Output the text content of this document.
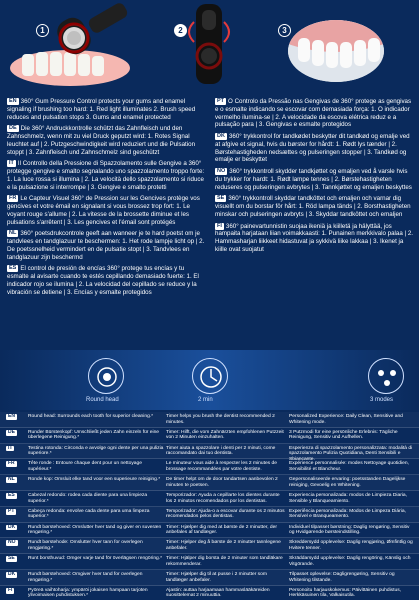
1	2	3
EN 360° Gum Pressure Control protects your gums and enamel signaling if brushing too hard: 1. Red light illuminates 2. Brush speed reduces and pulsation stops 3. Gums and enamel protected
DE Die 360° Andruckkontrolle schützt das Zahnfleisch und den Zahnschmelz, wenn mit zu viel Druck geputzt wird: 1. Rotes Signal leuchtet auf | 2. Putzgeschwindigkeit wird reduziert und die Pulsation stoppt | 3. Zahnfleisch und Zahnschmelz sind geschützt
IT Il Controllo della Pressione di Spazzolamento sulle Gengive a 360° protegge gengive e smalto segnalando uno spazzolamento troppo forte: 1. La luce rossa si illumina | 2. La velocità dello spazzolamento si riduce e la pulsazione si interrompe | 3. Gengive e smalto protetti
FR Le Capteur Visuel 360° de Pression sur les Gencives protège vos gencives et votre émail en signalant si vous brossez trop fort: 1. Le voyant rouge s'allume | 2. La vitesse de la brossette diminue et les pulsations s'arrêtent | 3. Les gencives et l'émail sont protégés
NL 360° poetsdrukcontrole geeft aan wanneer je te hard poetst om je tandvlees en tandglazuur te beschermen: 1. Het rode lampje licht op | 2. De poetssnelheid vermindert en de pulsatie stopt | 3. Tandvlees en tandglazuur zijn beschermd
ES El control de presión de encías 360° protege tus encías y tu esmalte al avisarte cuando te estés cepillando demasiado fuerte: 1. El indicador rojo se ilumina | 2. La velocidad del cepillado se reduce y la vibración se detiene | 3. Encías y esmalte protegidos
PT O Controlo da Pressão nas Gengivas de 360° protege as gengivas e o esmalte indicando se escovar com demasiada força: 1. O indicador vermelho ilumina-se | 2. A velocidade da escova elétrica reduz e a pulsação para | 3. Gengivas e esmalte protegidos
DK 360° trykkontrol for tandkødet beskytter dit tandkød og emalje ved at afgive et signal, hvis du børster for hårdt: 1. Rødt lys tænder | 2. Børstehastigheden nedsættes og pulseringen stopper | 3. Tandkød og emalje er beskyttet
NO 360° trykkontroll skydder tandkjøttet og emaljen ved å varsle hvis du trykker for hardt: 1. Rødt lampe tennes | 2. Børstehastigheten reduseres og pulseringen avbrytes | 3. Tannkjøttet og emaljen beskyttes
SE 360° trykkontroll skyddar tandköttet och emaljen och varnar dig visuellt om du borstar för hårt: 1. Röd lampa tänds | 2. Borsthastigheten minskar och pulseringen avbryts | 3. Skyddar tandköttet och emaljen
FI 360° painevartunnistin suojaa ikeniä ja kiilletä ja hälyttää, jos hampaita harjataan liian voimakkaasti: 1. Punainen merkkivalo palaa | 2. Hammasharjan liikkeet hidastuvat ja sykkivä liike lakkaa | 3. Ikenet ja kiille ovat suojatut
Round head	2 min	3 modes
EN	Round head: Surrounds each tooth for superior cleaning.*	Timer helps you brush the dentist recommended 2 minutes.
Personalized Experience: Daily Clean, Sensitive and Whitening mode.
DE	Runder Bürstenkopf: Umschließt jeden Zahn einzeln für eine überlegene Reinigung.*
Timer: Hilft, die vom Zahnärzten empfohlenen Putzzeit von 2 Minuten einzuhalten.
3 Putzmodi für eine persönliche Erlebnis: Tägliche Reinigung, Sensitiv und Aufhellen.
IT	Testina rotonda: Circonda e avvolge ogni dente per una pulizia superiore.*
Timer aiuta a spazzolare i denti per 2 minuti, come raccomandato dai tuo dentista.
Esperienza di spazzolamento personalizzata: modalità di spazzolamento Pulizia Quotidiana, Denti Sensibili e Sbiancante.
FR	Tête ronde : Entoure chaque dent pour un nettoyage supérieur.*
Le minuteur vous aide à respecter les 2 minutes de brossage recommandées par votre dentiste.
Expérience personnalisée: modes Nettoyage quotidien, Sensibilité et Blancheur.
NL	Ronde kop: Omsluit elke tand voor een superieure reiniging.*	De timer helpt om de door tandartsen aanbevolen 2 minuten te poetsen.
Gepersonaliseerde ervaring: poetsstanden Dagelijkse reiniging, Gevoelig en Whitening.
ES	Cabezal redondo: rodea cada diente para una limpieza superior.*
Temporizador: Ayuda a cepillarte los dientes durante los 2 minutos recomendados por los dentistas.
Experiencia personalizada: modos de Limpieza Diaria, Sensible y Blanqueamiento.
PT	Cabeça redonda: envolve cada dente para uma limpeza superior.*
Temporizador: Ajuda-o a escovar durante os 2 minutos recomendados pelos dentistas.
Experiência personalizada: Modos de Limpeza Diária, Sensível e Branqueamento.
DK	Rundt børstehoved: Omslutter hver tand og giver en suveræn rengøring.*
Timer: Hjælper dig med at børste de 2 minutter, der anbefales af tandlæger.
Individuel tilpasset børstning: Daglig rengøring, Sensitiv og Hvidgørende børsteindstilling.
NO	Rundt børstehode: Omslutter hver tann for overlegen rengjøring.*
Timer: Hjelper deg å børste de 2 minutter tannlegene anbefaler.
Skreddersydd opplevelse: Daglig rengjøring, Ømfintlig og Hvitere tenner.
SE	Runt borsthuvud: Omger varje tand för överlägsen rengöring.* Timer: Hjälper dig borsta de 2 minuter som tandläkare rekommenderar.
Skräddarsydd upplevelse: Daglig rengöring, Känslig och Vitgörande.
DK	Rundt børstehoved: Omgiver hver tand for overlegen rengøring.*
Timer: Hjælper dig til at pusse i 2 minutter som tandlæger anbefaler.
Tilpasset oplevelse: Dagligrengøring, Sensitiv og Whitening tilstande.
FI	Pyöreä vaihtoharja: ympäröi jokaisen hampaan tarjoten ylivoimaisen puhdistuksen.*
Ajastin: auttaa harjaamaan hammaslääkäreiden suosittelemat 2 minuuttia.
Personoitu harjauskokemus: Päivittäinen puhdistus, Herkkäsuinen tila, Valkaisutila.
